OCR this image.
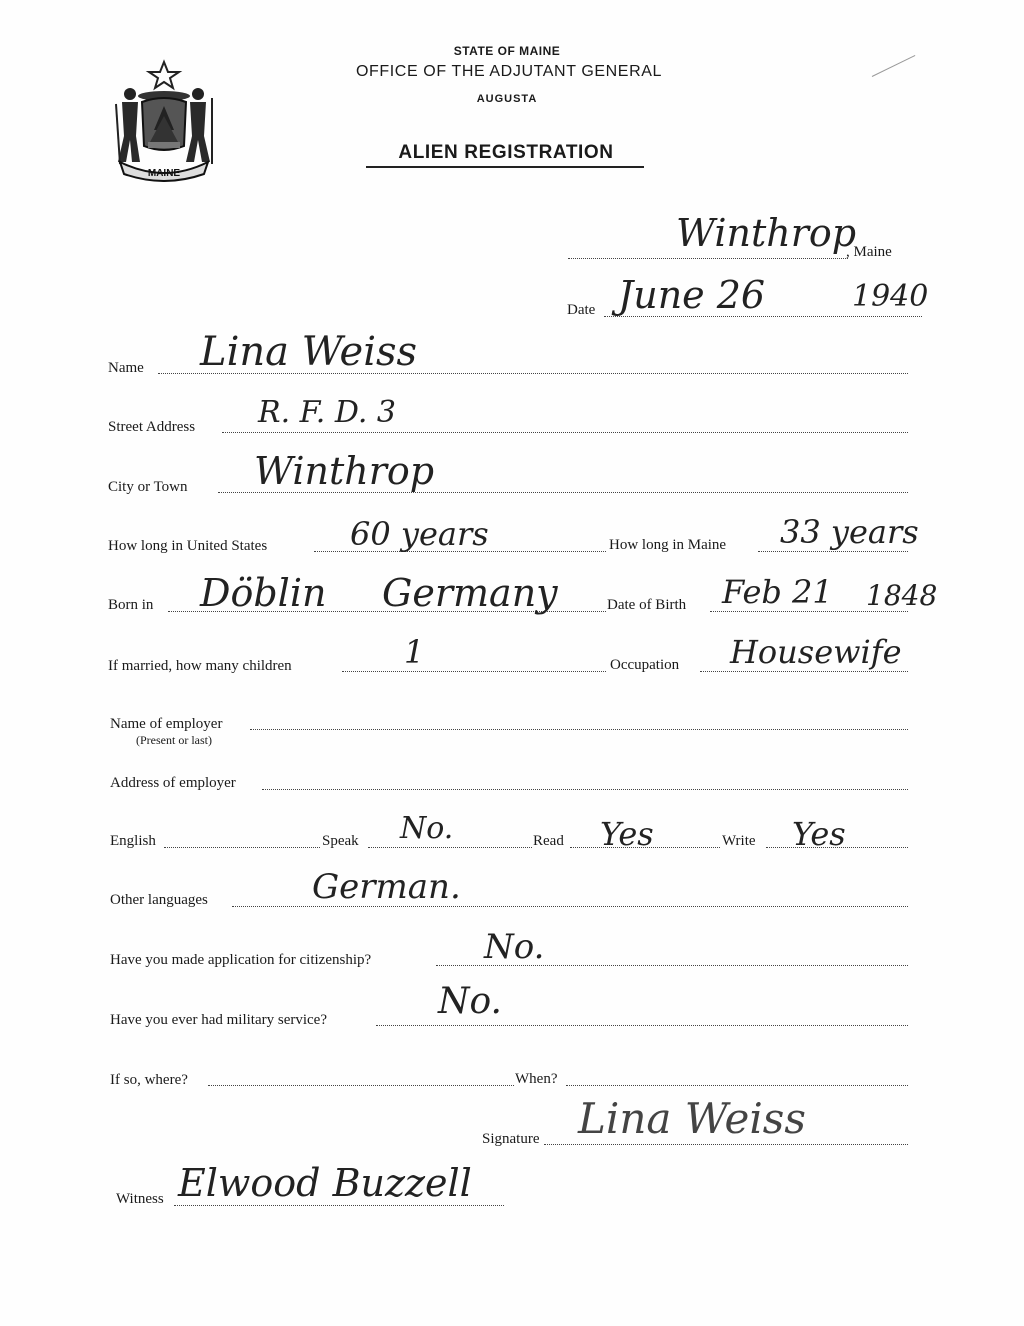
MAINE
STATE OF MAINE
OFFICE OF THE ADJUTANT GENERAL
AUGUSTA
ALIEN REGISTRATION
Winthrop
, Maine
Date June 26	1940
Name Lina Weiss
Street Address R. F. D. 3
City or Town Winthrop
How long in United States	60 years	How long in Maine 33 years
Born in Döblin Germany	Date of Birth Feb 21 1848
If married, how many children	1	Occupation Housewife
Name of employer
(Present or last)
Address of employer
English	Speak No.	Read Yes	Write Yes
Other languages	German.
Have you made application for citizenship?	No.
Have you ever had military service?	No.
If so, where?	When?
Signature Lina Weiss
Witness Elwood Buzzell
